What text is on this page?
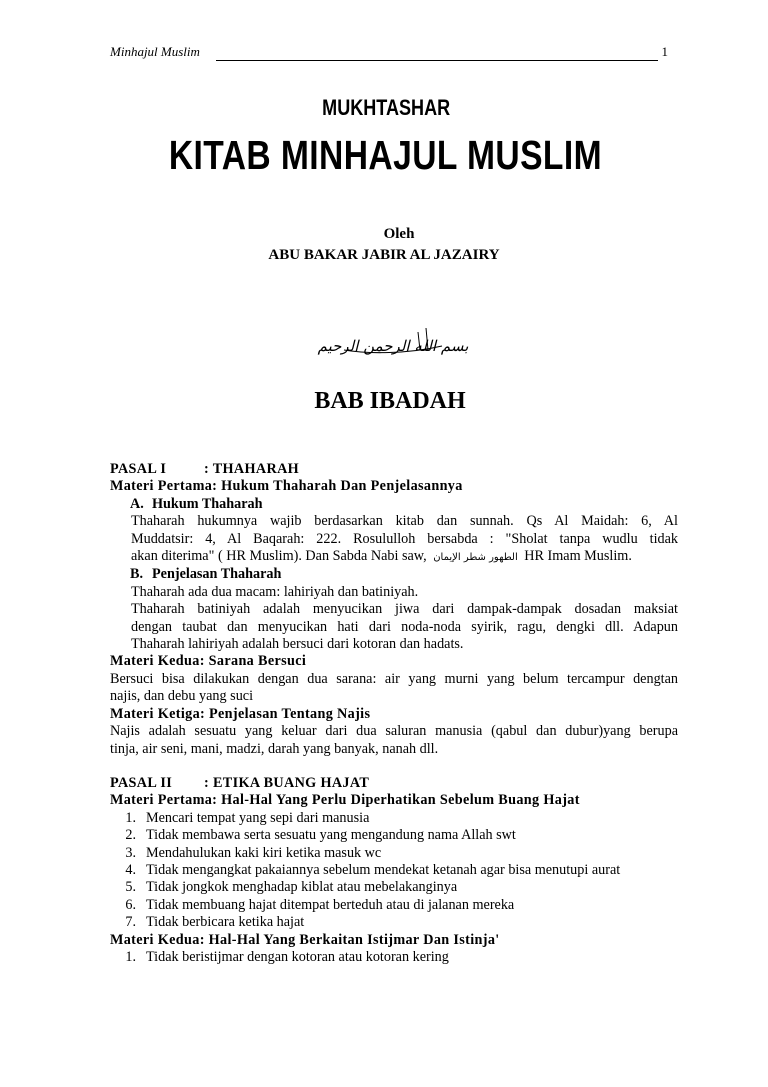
Minhajul Muslim	1
MUKHTASHAR
KITAB MINHAJUL MUSLIM
Oleh
ABU BAKAR JABIR AL JAZAIRY
بسم الله الرحمن الرحيم
BAB IBADAH
PASAL I	: THAHARAH
Materi Pertama: Hukum Thaharah Dan Penjelasannya
A. Hukum Thaharah
Thaharah hukumnya wajib berdasarkan kitab dan sunnah. Qs Al Maidah: 6, Al
Muddatsir: 4, Al Baqarah: 222. Rosululloh bersabda : "Sholat tanpa wudlu tidak
akan diterima" ( HR Muslim). Dan Sabda Nabi saw, الطهور شطر الإيمان HR Imam Muslim.
B. Penjelasan Thaharah
Thaharah ada dua macam: lahiriyah dan batiniyah.
Thaharah batiniyah adalah menyucikan jiwa dari dampak-dampak dosadan maksiat
dengan taubat dan menyucikan hati dari noda-noda syirik, ragu, dengki dll. Adapun
Thaharah lahiriyah adalah bersuci dari kotoran dan hadats.
Materi Kedua: Sarana Bersuci
Bersuci bisa dilakukan dengan dua sarana: air yang murni yang belum tercampur dengtan
najis, dan debu yang suci
Materi Ketiga: Penjelasan Tentang Najis
Najis adalah sesuatu yang keluar dari dua saluran manusia (qabul dan dubur)yang berupa
tinja, air seni, mani, madzi, darah yang banyak, nanah dll.
PASAL II : ETIKA BUANG HAJAT
Materi Pertama: Hal-Hal Yang Perlu Diperhatikan Sebelum Buang Hajat
1. Mencari tempat yang sepi dari manusia
2. Tidak membawa serta sesuatu yang mengandung nama Allah swt
3. Mendahulukan kaki kiri ketika masuk wc
4. Tidak mengangkat pakaiannya sebelum mendekat ketanah agar bisa menutupi aurat
5. Tidak jongkok menghadap kiblat atau mebelakanginya
6. Tidak membuang hajat ditempat berteduh atau di jalanan mereka
7. Tidak berbicara ketika hajat
Materi Kedua: Hal-Hal Yang Berkaitan Istijmar Dan Istinja'
1. Tidak beristijmar dengan kotoran atau kotoran kering
